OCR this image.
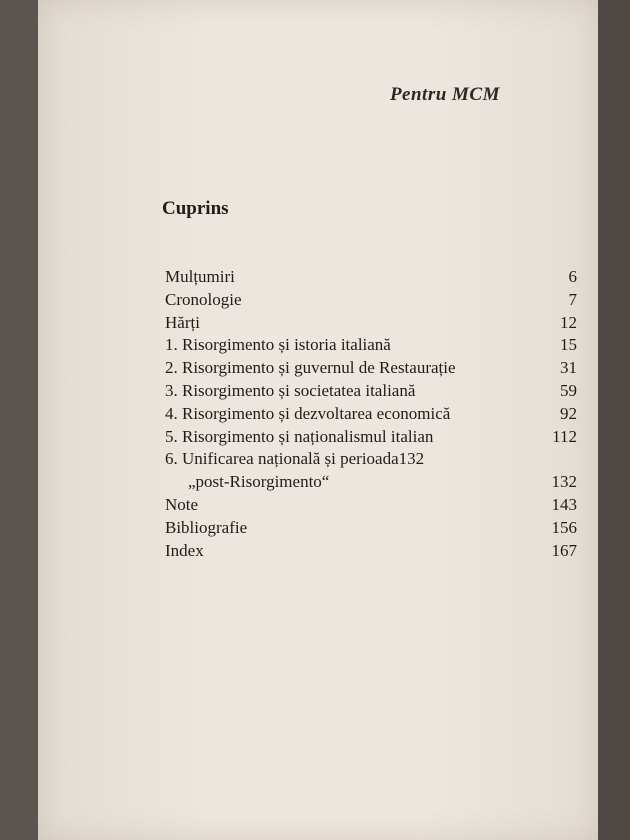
Pentru MCM
Cuprins
Mulțumiri	6
Cronologie	7
Hărți	12
1. Risorgimento și istoria italiană	15
2. Risorgimento și guvernul de Restaurație	31
3. Risorgimento și societatea italiană	59
4. Risorgimento și dezvoltarea economică	92
5. Risorgimento și naționalismul italian	112
6. Unificarea națională și perioada132
„post-Risorgimento“	132
Note	143
Bibliografie	156
Index	167
